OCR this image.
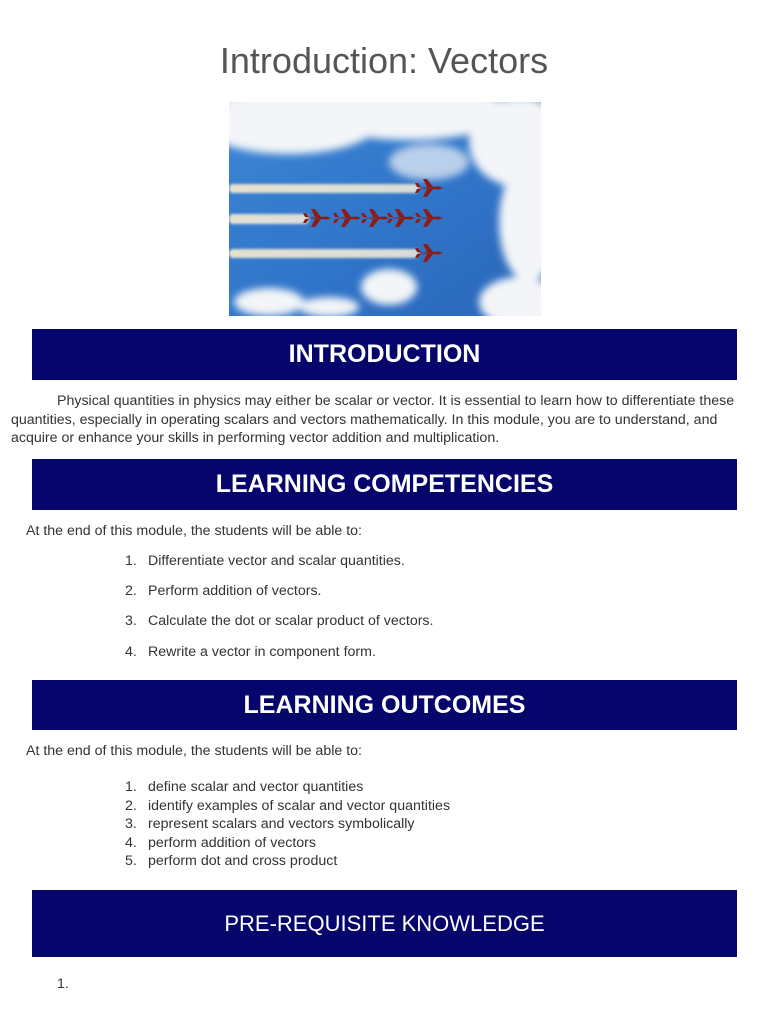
Introduction: Vectors
INTRODUCTION

Physical quantities in physics may either be scalar or vector. It is essential to learn how to differentiate these quantities, especially in operating scalars and vectors mathematically. In this module, you are to understand, and acquire or enhance your skills in performing vector addition and multiplication.

LEARNING COMPETENCIES

At the end of this module, the students will be able to:

1. Differentiate vector and scalar quantities.
2. Perform addition of vectors.
3. Calculate the dot or scalar product of vectors.
4. Rewrite a vector in component form.
LEARNING OUTCOMES

At the end of this module, the students will be able to:

1. define scalar and vector quantities
2. identify examples of scalar and vector quantities
3. represent scalars and vectors symbolically
4. perform addition of vectors
5. perform dot and cross product
PRE-REQUISITE KNOWLEDGE
1.
